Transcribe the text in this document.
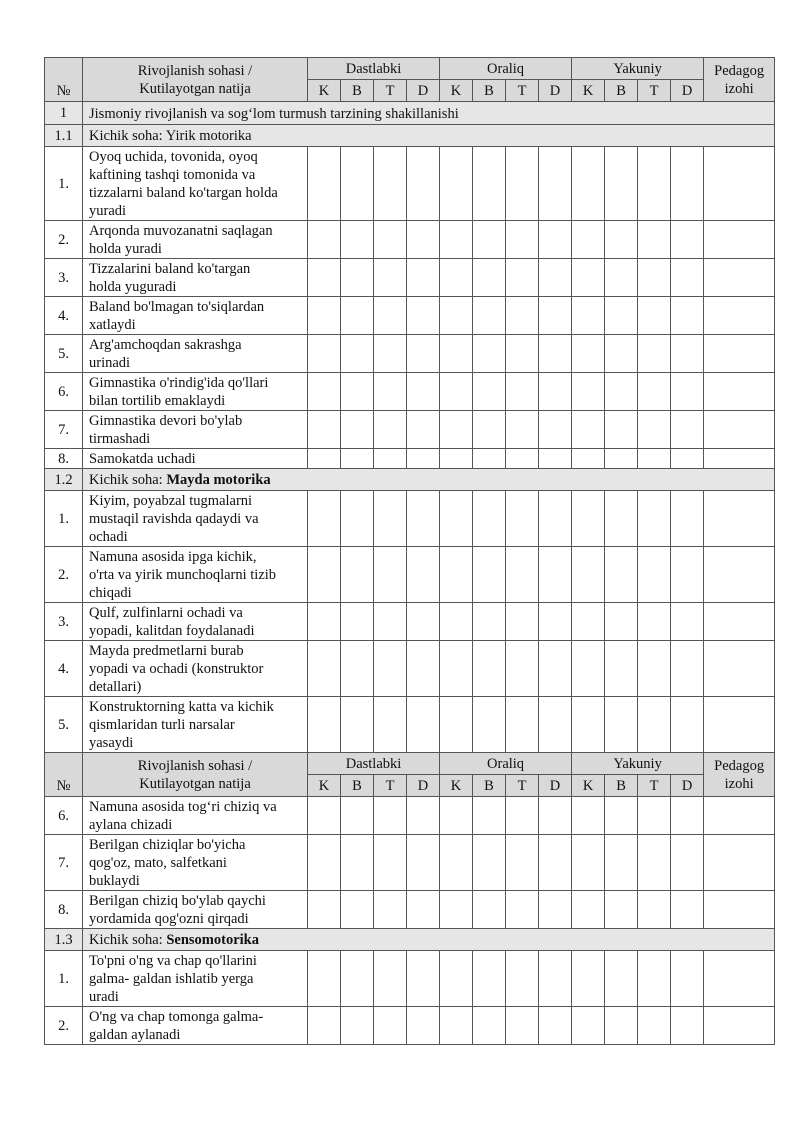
№	Rivojlanish sohasi /
Kutilayotgan natija	Dastlabki				Oraliq				Yakuniy				Pedagog
izohi
		K	B	T	D	K	B	T	D	K	B	T	D	
1	Jismoniy rivojlanish va sog‘lom turmush tarzining shakillanishi													
1.1	Kichik soha: Yirik motorika													
1.	Oyoq uchida, tovonida, oyoq
kaftining tashqi tomonida va
tizzalarni baland ko'targan holda
yuradi													
2.	Arqonda muvozanatni saqlagan
holda yuradi													
3.	Tizzalarini baland ko'targan
holda yuguradi													
4.	Baland bo'lmagan to'siqlardan
xatlaydi													
5.	Arg'amchoqdan sakrashga
urinadi													
6.	Gimnastika o'rindig'ida qo'llari
bilan tortilib emaklaydi													
7.	Gimnastika devori bo'ylab
tirmashadi													
8.	Samokatda uchadi													
1.2	Kichik soha: Mayda motorika													
1.	Kiyim, poyabzal tugmalarni
mustaqil ravishda qadaydi va
ochadi													
2.	Namuna asosida ipga kichik,
o'rta va yirik munchoqlarni tizib
chiqadi													
3.	Qulf, zulfinlarni ochadi va
yopadi, kalitdan foydalanadi													
4.	Mayda predmetlarni burab
yopadi va ochadi (konstruktor
detallari)													
5.	Konstruktorning katta va kichik
qismlaridan turli narsalar
yasaydi													
№	Rivojlanish sohasi /
Kutilayotgan natija	Dastlabki				Oraliq				Yakuniy				Pedagog
izohi
		K	B	T	D	K	B	T	D	K	B	T	D	
6.	Namuna asosida tog‘ri chiziq va
aylana chizadi													
7.	Berilgan chiziqlar bo'yicha
qog'oz, mato, salfetkani
buklaydi													
8.	Berilgan chiziq bo'ylab qaychi
yordamida qog'ozni qirqadi													
1.3	Kichik soha: Sensomotorika													
1.	To'pni o'ng va chap qo'llarini
galma- galdan ishlatib yerga
uradi													
2.	O'ng va chap tomonga galma-
galdan aylanadi													
